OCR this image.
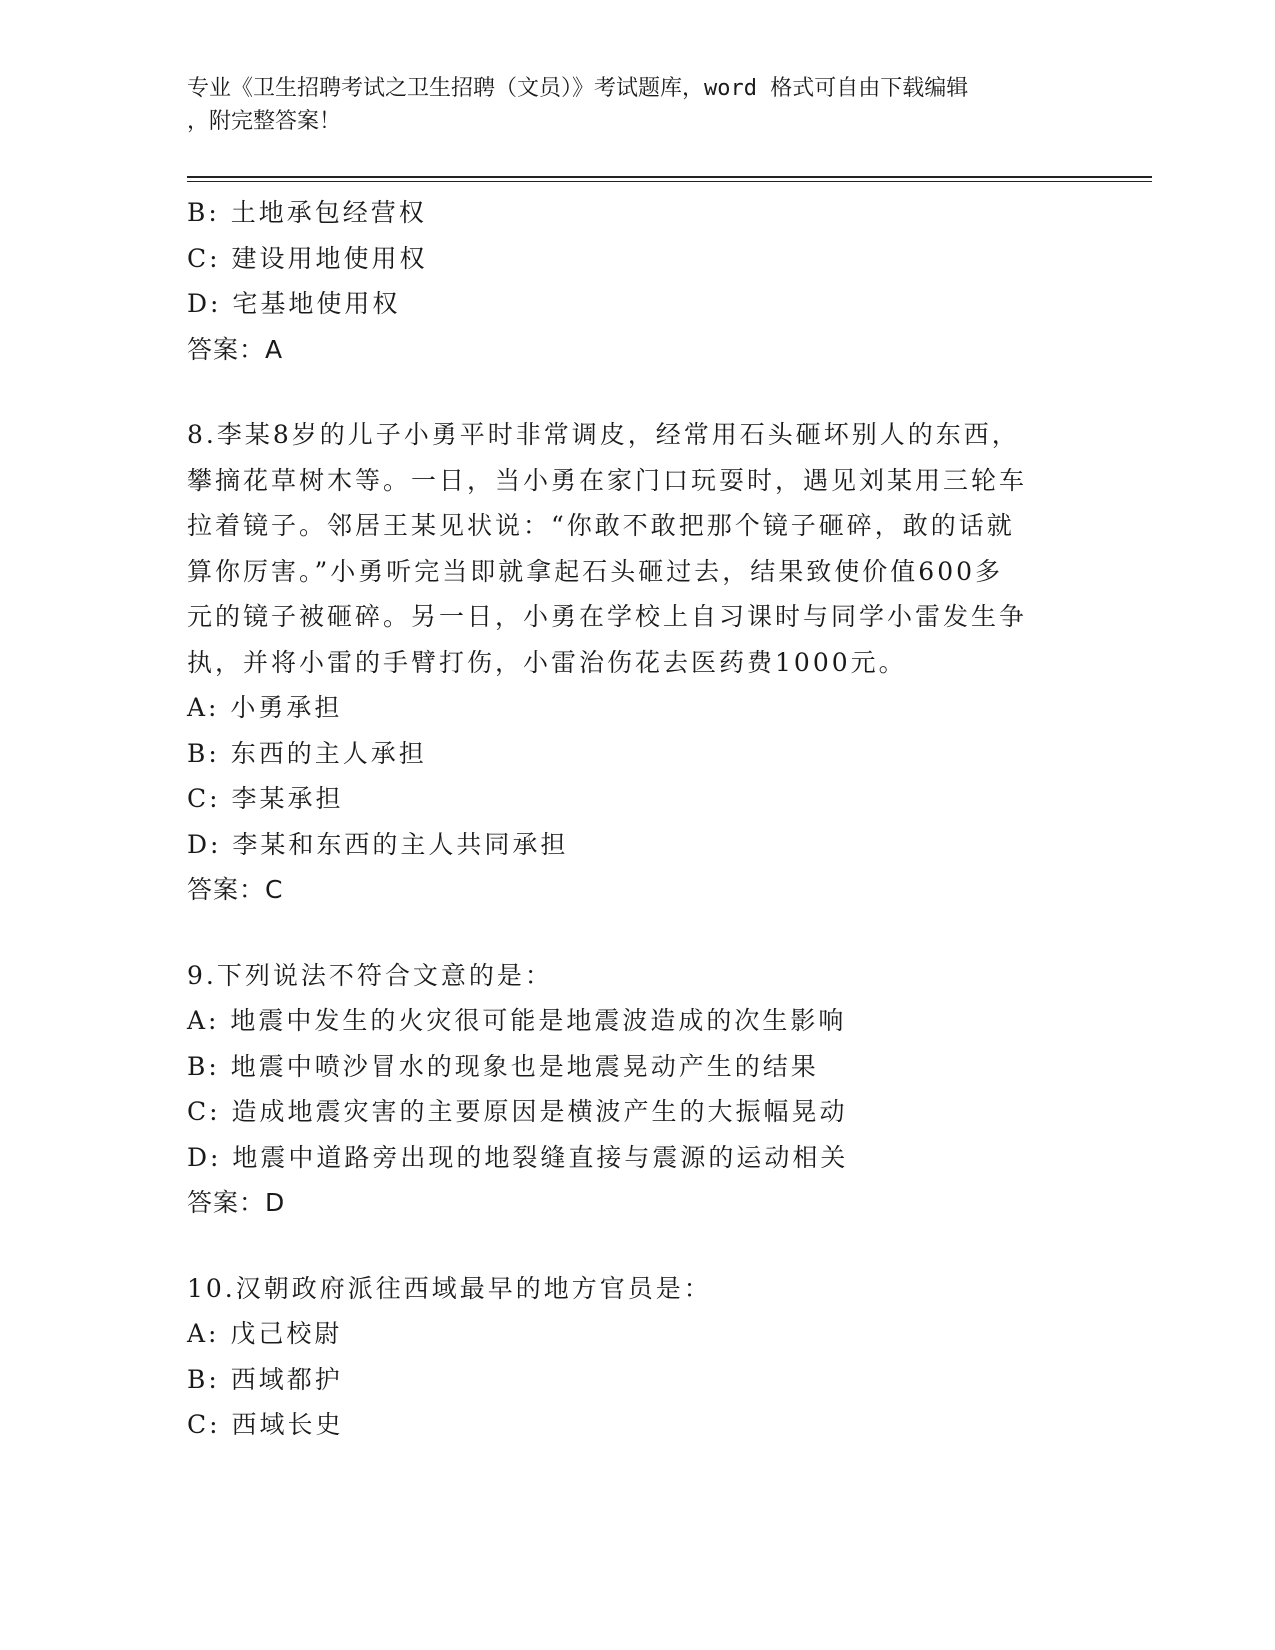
专业《卫生招聘考试之卫生招聘（文员）》考试题库，word 格式可自由下载编辑
，附完整答案！
B: 土地承包经营权
C: 建设用地使用权
D: 宅基地使用权
答案：A
8.李某8岁的儿子小勇平时非常调皮，经常用石头砸坏别人的东西，
攀摘花草树木等。一日，当小勇在家门口玩耍时，遇见刘某用三轮车
拉着镜子。邻居王某见状说：“你敢不敢把那个镜子砸碎，敢的话就
算你厉害。”小勇听完当即就拿起石头砸过去，结果致使价值600多
元的镜子被砸碎。另一日，小勇在学校上自习课时与同学小雷发生争
执，并将小雷的手臂打伤，小雷治伤花去医药费1000元。
A: 小勇承担
B: 东西的主人承担
C: 李某承担
D: 李某和东西的主人共同承担
答案：C
9.下列说法不符合文意的是：
A: 地震中发生的火灾很可能是地震波造成的次生影响
B: 地震中喷沙冒水的现象也是地震晃动产生的结果
C: 造成地震灾害的主要原因是横波产生的大振幅晃动
D: 地震中道路旁出现的地裂缝直接与震源的运动相关
答案：D
10.汉朝政府派往西域最早的地方官员是：
A: 戊己校尉
B: 西域都护
C: 西域长史
